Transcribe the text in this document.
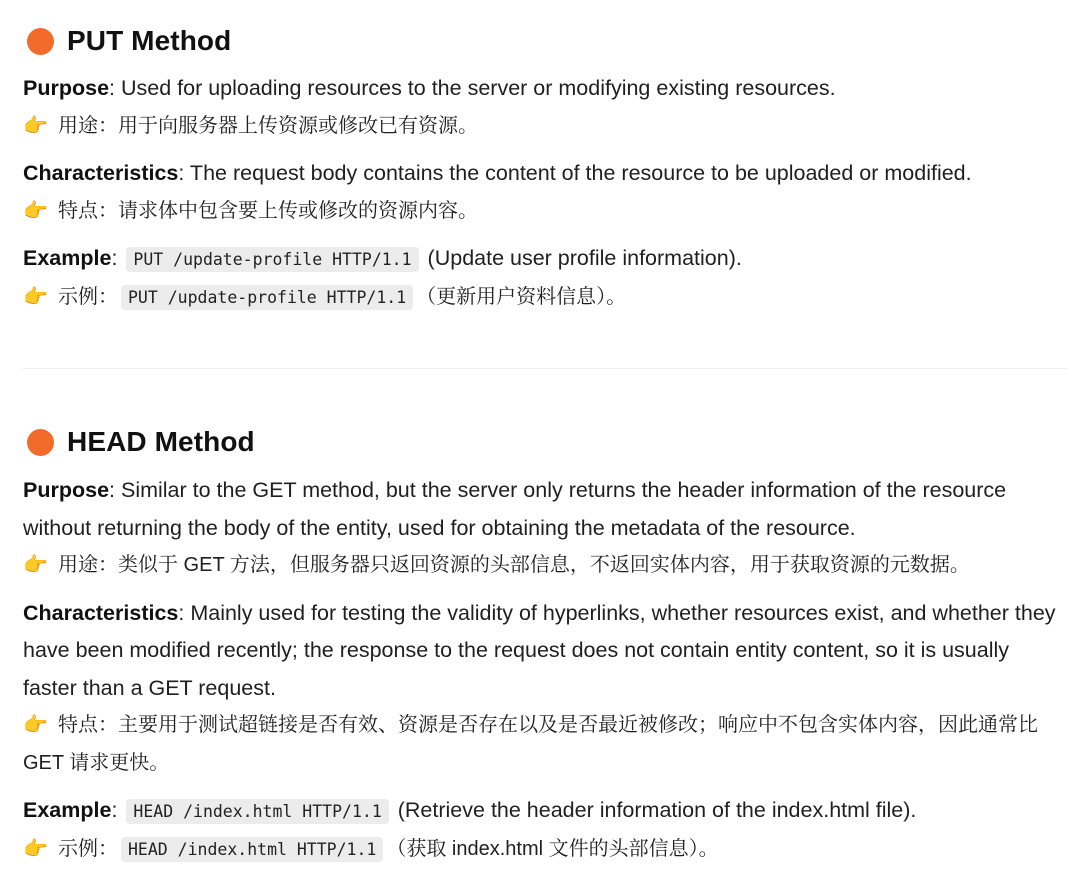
PUT Method

Purpose: Used for uploading resources to the server or modifying existing resources.

👉 用途：用于向服务器上传资源或修改已有资源。

Characteristics: The request body contains the content of the resource to be uploaded or modified.

👉 特点：请求体中包含要上传或修改的资源内容。

Example: PUT /update-profile HTTP/1.1 (Update user profile information).

👉 示例： PUT /update-profile HTTP/1.1 （更新用户资料信息）。

HEAD Method

Purpose: Similar to the GET method, but the server only returns the header information of the resource without returning the body of the entity, used for obtaining the metadata of the resource.

👉 用途：类似于 GET 方法，但服务器只返回资源的头部信息，不返回实体内容，用于获取资源的元数据。

Characteristics: Mainly used for testing the validity of hyperlinks, whether resources exist, and whether they have been modified recently; the response to the request does not contain entity content, so it is usually faster than a GET request.

👉 特点：主要用于测试超链接是否有效、资源是否存在以及是否最近被修改；响应中不包含实体内容，因此通常比 GET 请求更快。

Example: HEAD /index.html HTTP/1.1 (Retrieve the header information of the index.html file).

👉 示例： HEAD /index.html HTTP/1.1 （获取 index.html 文件的头部信息）。
